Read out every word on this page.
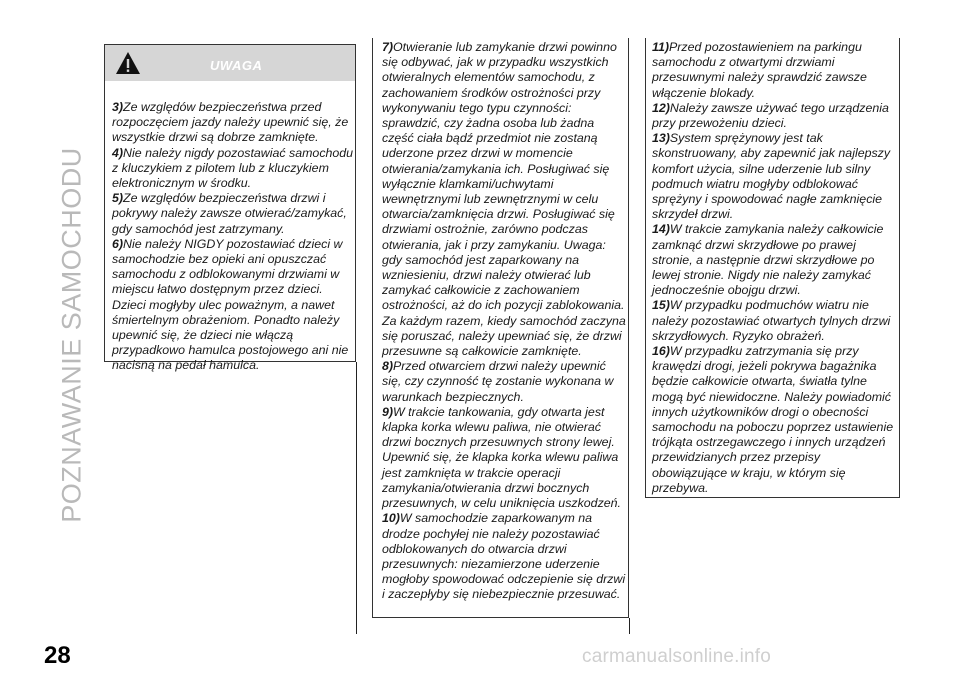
POZNAWANIE SAMOCHODU
UWAGA

3)Ze względów bezpieczeństwa przed rozpoczęciem jazdy należy upewnić się, że wszystkie drzwi są dobrze zamknięte.

4)Nie należy nigdy pozostawiać samochodu z kluczykiem z pilotem lub z kluczykiem elektronicznym w środku.

5)Ze względów bezpieczeństwa drzwi i pokrywy należy zawsze otwierać/zamykać, gdy samochód jest zatrzymany.

6)Nie należy NIGDY pozostawiać dzieci w samochodzie bez opieki ani opuszczać samochodu z odblokowanymi drzwiami w miejscu łatwo dostępnym przez dzieci. Dzieci mogłyby ulec poważnym, a nawet śmiertelnym obrażeniom. Ponadto należy upewnić się, że dzieci nie włączą przypadkowo hamulca postojowego ani nie nacisną na pedał hamulca.

7)Otwieranie lub zamykanie drzwi powinno się odbywać, jak w przypadku wszystkich otwieralnych elementów samochodu, z zachowaniem środków ostrożności przy wykonywaniu tego typu czynności: sprawdzić, czy żadna osoba lub żadna część ciała bądź przedmiot nie zostaną uderzone przez drzwi w momencie otwierania/zamykania ich. Posługiwać się wyłącznie klamkami/uchwytami wewnętrznymi lub zewnętrznymi w celu otwarcia/zamknięcia drzwi. Posługiwać się drzwiami ostrożnie, zarówno podczas otwierania, jak i przy zamykaniu. Uwaga: gdy samochód jest zaparkowany na wzniesieniu, drzwi należy otwierać lub zamykać całkowicie z zachowaniem ostrożności, aż do ich pozycji zablokowania. Za każdym razem, kiedy samochód zaczyna się poruszać, należy upewniać się, że drzwi przesuwne są całkowicie zamknięte.

8)Przed otwarciem drzwi należy upewnić się, czy czynność tę zostanie wykonana w warunkach bezpiecznych.

9)W trakcie tankowania, gdy otwarta jest klapka korka wlewu paliwa, nie otwierać drzwi bocznych przesuwnych strony lewej. Upewnić się, że klapka korka wlewu paliwa jest zamknięta w trakcie operacji zamykania/otwierania drzwi bocznych przesuwnych, w celu uniknięcia uszkodzeń.

10)W samochodzie zaparkowanym na drodze pochyłej nie należy pozostawiać odblokowanych do otwarcia drzwi przesuwnych: niezamierzone uderzenie mogłoby spowodować odczepienie się drzwi i zaczepłyby się niebezpiecznie przesuwać.

11)Przed pozostawieniem na parkingu samochodu z otwartymi drzwiami przesuwnymi należy sprawdzić zawsze włączenie blokady.

12)Należy zawsze używać tego urządzenia przy przewożeniu dzieci.

13)System sprężynowy jest tak skonstruowany, aby zapewnić jak najlepszy komfort użycia, silne uderzenie lub silny podmuch wiatru mogłyby odblokować sprężyny i spowodować nagłe zamknięcie skrzydeł drzwi.

14)W trakcie zamykania należy całkowicie zamknąć drzwi skrzydłowe po prawej stronie, a następnie drzwi skrzydłowe po lewej stronie. Nigdy nie należy zamykać jednocześnie obojgu drzwi.

15)W przypadku podmuchów wiatru nie należy pozostawiać otwartych tylnych drzwi skrzydłowych. Ryzyko obrażeń.

16)W przypadku zatrzymania się przy krawędzi drogi, jeżeli pokrywa bagażnika będzie całkowicie otwarta, światła tylne mogą być niewidoczne. Należy powiadomić innych użytkowników drogi o obecności samochodu na poboczu poprzez ustawienie trójkąta ostrzegawczego i innych urządzeń przewidzianych przez przepisy obowiązujące w kraju, w którym się przebywa.

28	carmanualsonline.info
